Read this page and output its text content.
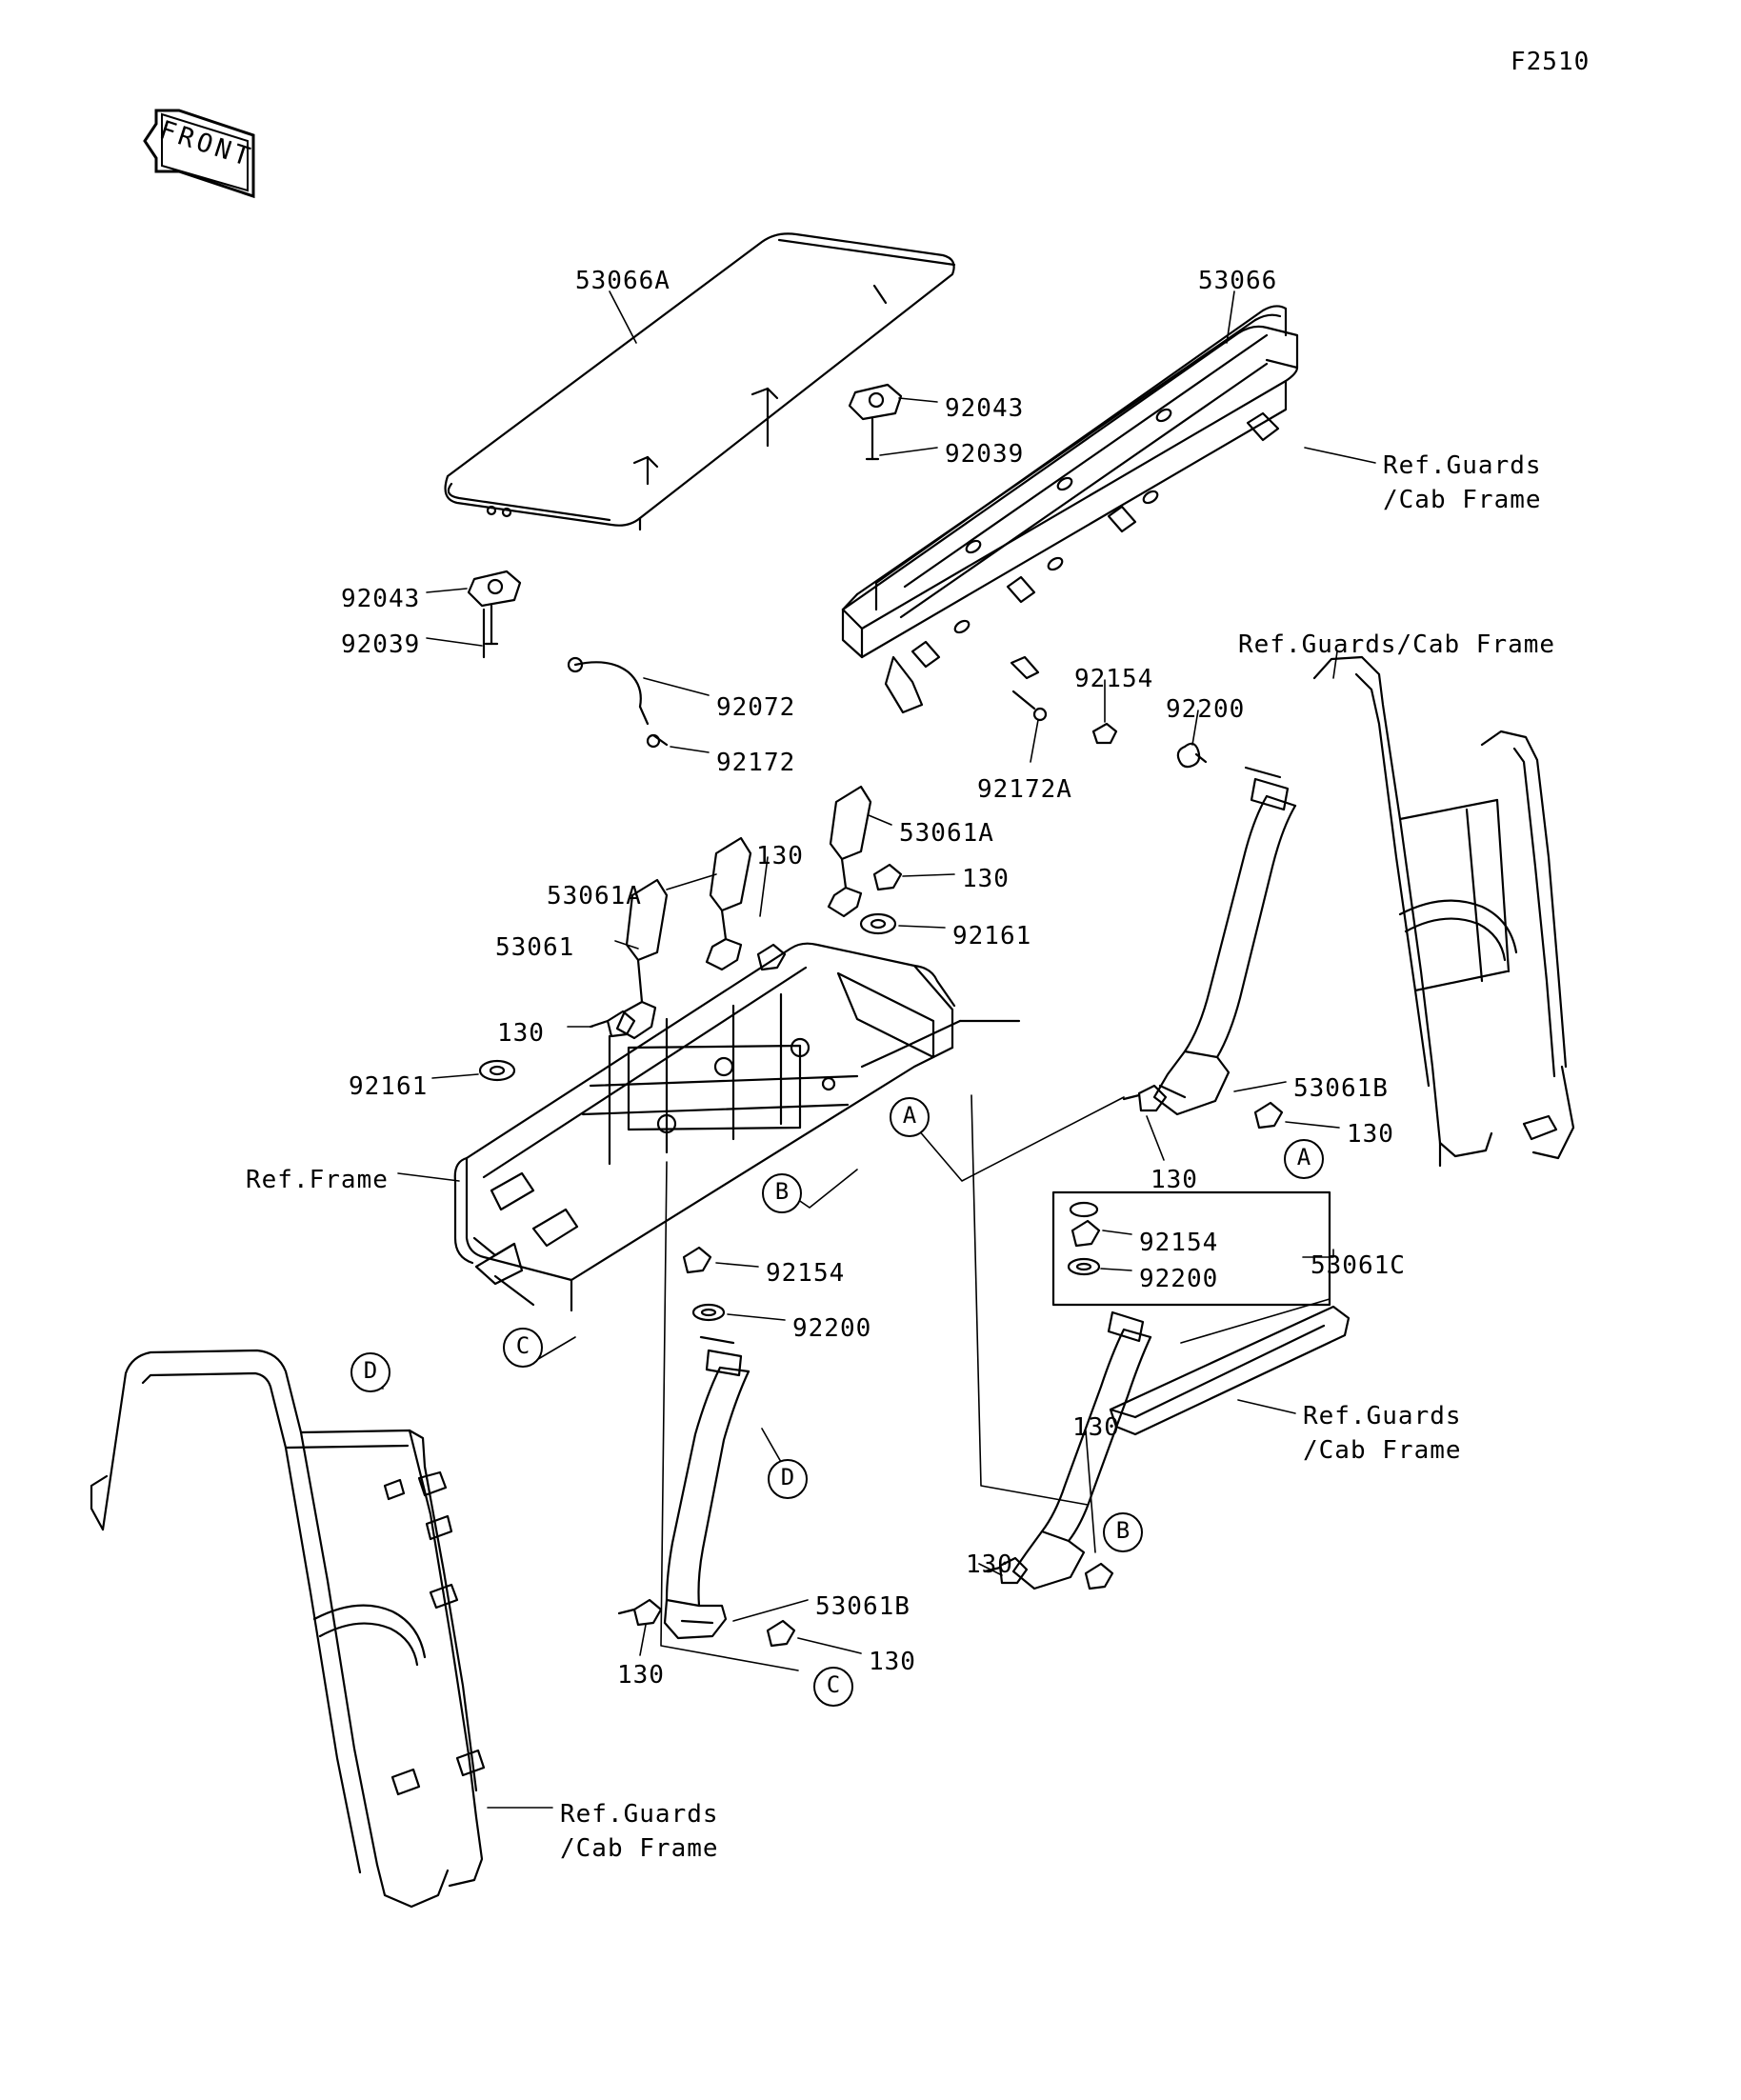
F2510
FRONT
53066A	53066
92043
92039	Ref.Guards
/Cab Frame
92043
92039	Ref.Guards/Cab Frame
92072
92154
92200
92172
92172A
53061A
130
130
53061A
92161
53061
130
92161	53061B
130
Ref.Frame	130
92154
92200	53061C
92154
92200
Ref.Guards
/Cab Frame
130
130
53061B
130
130
Ref.Guards
/Cab Frame
A
A
B
B
C
C
D
D
